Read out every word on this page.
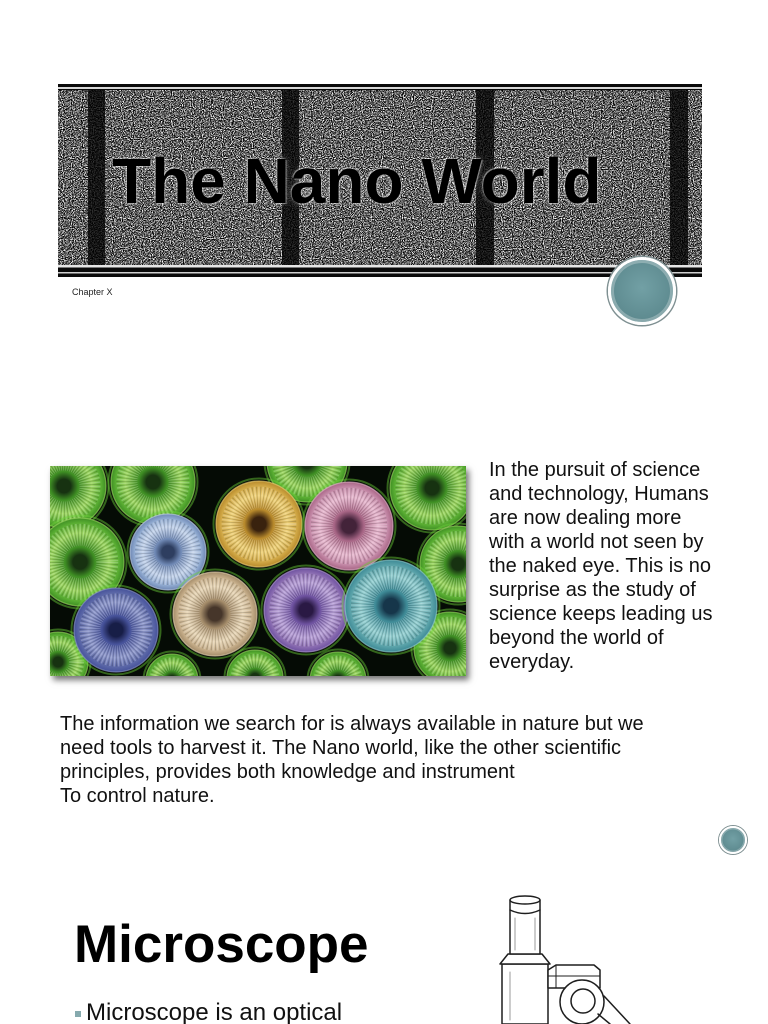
The Nano World
Chapter X
In the pursuit of science
and technology, Humans
are now dealing more
with a world not seen by
the naked eye. This is no
surprise as the study of
science keeps leading us
beyond the world of
everyday.
The information we search for is always available in nature but we
need tools to harvest it. The Nano world, like the other scientific
principles, provides both knowledge and instrument
To control nature.
Microscope
Microscope is an optical
